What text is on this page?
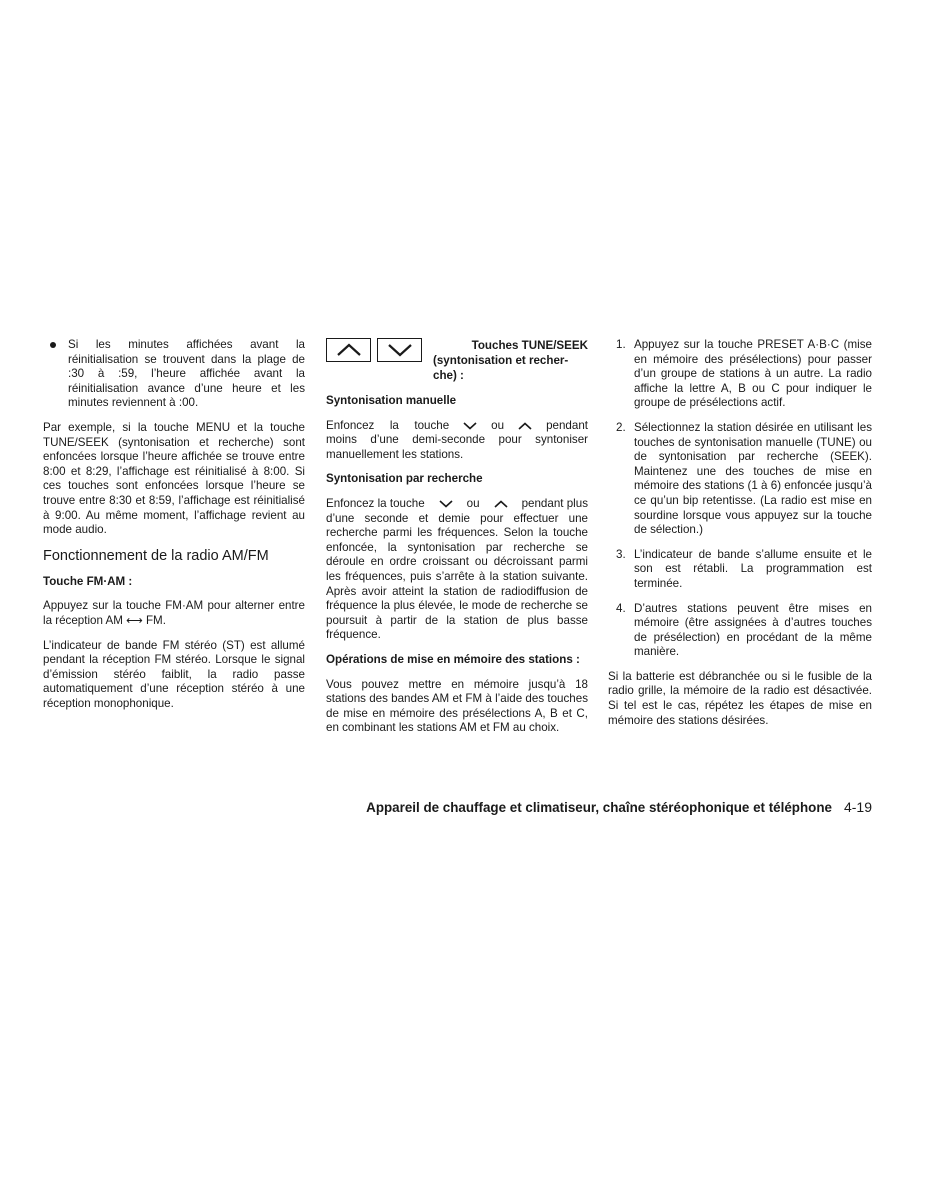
Si les minutes affichées avant la réinitialisation se trouvent dans la plage de :30 à :59, l’heure affichée avant la réinitialisation avance d’une heure et les minutes reviennent à :00.

Par exemple, si la touche MENU et la touche TUNE/SEEK (syntonisation et recherche) sont enfoncées lorsque l’heure affichée se trouve entre 8:00 et 8:29, l’affichage est réinitialisé à 8:00. Si ces touches sont enfoncées lorsque l’heure se trouve entre 8:30 et 8:59, l’affichage est réinitialisé à 9:00. Au même moment, l’affichage revient au mode audio.

Fonctionnement de la radio AM/FM
Touche FM·AM :

Appuyez sur la touche FM·AM pour alterner entre la réception AM ⟷ FM.

L’indicateur de bande FM stéréo (ST) est allumé pendant la réception FM stéréo. Lorsque le signal d’émission stéréo faiblit, la radio passe automatiquement d’une réception stéréo à une réception monophonique.

Touches TUNE/SEEK
(syntonisation et recher-
che) :
Syntonisation manuelle

Enfoncez la touche	ou	pendant moins d’une demi-seconde pour syntoniser manuellement les stations.

Syntonisation par recherche

Enfoncez la touche	ou	pendant plus d’une seconde et demie pour effectuer une recherche parmi les fréquences. Selon la touche enfoncée, la syntonisation par recherche se déroule en ordre croissant ou décroissant parmi les fréquences, puis s’arrête à la station suivante. Après avoir atteint la station de radiodiffusion de fréquence la plus élevée, le mode de recherche se poursuit à partir de la station de plus basse fréquence.

Opérations de mise en mémoire des stations :

Vous pouvez mettre en mémoire jusqu’à 18 stations des bandes AM et FM à l’aide des touches de mise en mémoire des présélections A, B et C, en combinant les stations AM et FM au choix.

1. Appuyez sur la touche PRESET A·B·C (mise en mémoire des présélections) pour passer d’un groupe de stations à un autre. La radio affiche la lettre A, B ou C pour indiquer le groupe de présélections actif.
2. Sélectionnez la station désirée en utilisant les touches de syntonisation manuelle (TUNE) ou de syntonisation par recherche (SEEK). Maintenez une des touches de mise en mémoire des stations (1 à 6) enfoncée jusqu’à ce qu’un bip retentisse. (La radio est mise en sourdine lorsque vous appuyez sur la touche de sélection.)
3. L’indicateur de bande s’allume ensuite et le son est rétabli. La programmation est terminée.
4. D’autres stations peuvent être mises en mémoire (être assignées à d’autres touches de présélection) en procédant de la même manière.

Si la batterie est débranchée ou si le fusible de la radio grille, la mémoire de la radio est désactivée. Si tel est le cas, répétez les étapes de mise en mémoire des stations désirées.

Appareil de chauffage et climatiseur, chaîne stéréophonique et téléphone 4-19
